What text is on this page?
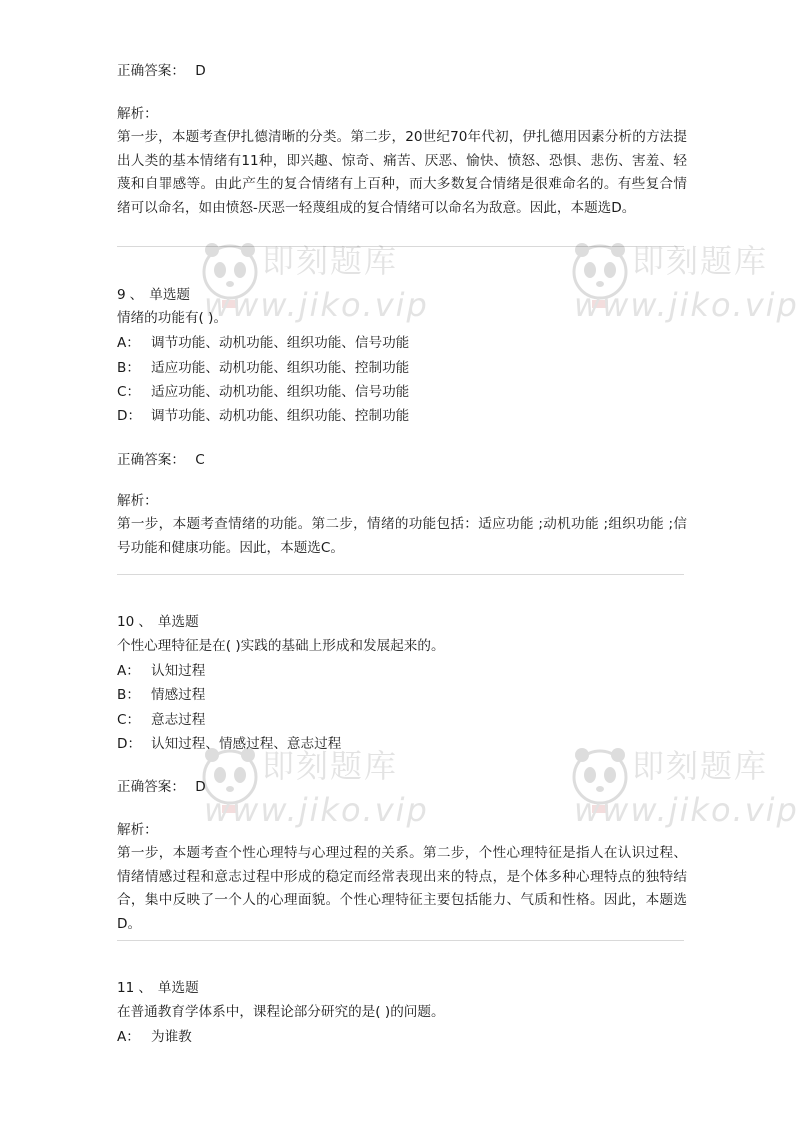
正确答案： D
解析：
第一步，本题考查伊扎德清晰的分类。第二步，20世纪70年代初，伊扎德用因素分析的方法提出人类的基本情绪有11种，即兴趣、惊奇、痛苦、厌恶、愉快、愤怒、恐惧、悲伤、害羞、轻蔑和自罪感等。由此产生的复合情绪有上百种，而大多数复合情绪是很难命名的。有些复合情绪可以命名，如由愤怒-厌恶一轻蔑组成的复合情绪可以命名为敌意。因此，本题选D。
9 、 单选题
情绪的功能有( )。
A： 调节功能、动机功能、组织功能、信号功能
B： 适应功能、动机功能、组织功能、控制功能
C： 适应功能、动机功能、组织功能、信号功能
D： 调节功能、动机功能、组织功能、控制功能
正确答案： C
解析：
第一步，本题考查情绪的功能。第二步，情绪的功能包括：适应功能 ;动机功能 ;组织功能 ;信号功能和健康功能。因此，本题选C。
10 、 单选题
个性心理特征是在( )实践的基础上形成和发展起来的。
A： 认知过程
B： 情感过程
C： 意志过程
D： 认知过程、情感过程、意志过程
正确答案： D
解析：
第一步，本题考查个性心理特与心理过程的关系。第二步，个性心理特征是指人在认识过程、情绪情感过程和意志过程中形成的稳定而经常表现出来的特点，是个体多种心理特点的独特结合，集中反映了一个人的心理面貌。个性心理特征主要包括能力、气质和性格。因此，本题选D。
11 、 单选题
在普通教育学体系中，课程论部分研究的是( )的问题。
A： 为谁教
即刻题库
www.jiko.vip
即刻题库
www.jiko.vip
即刻题库
www.jiko.vip
即刻题库
www.jiko.vip
